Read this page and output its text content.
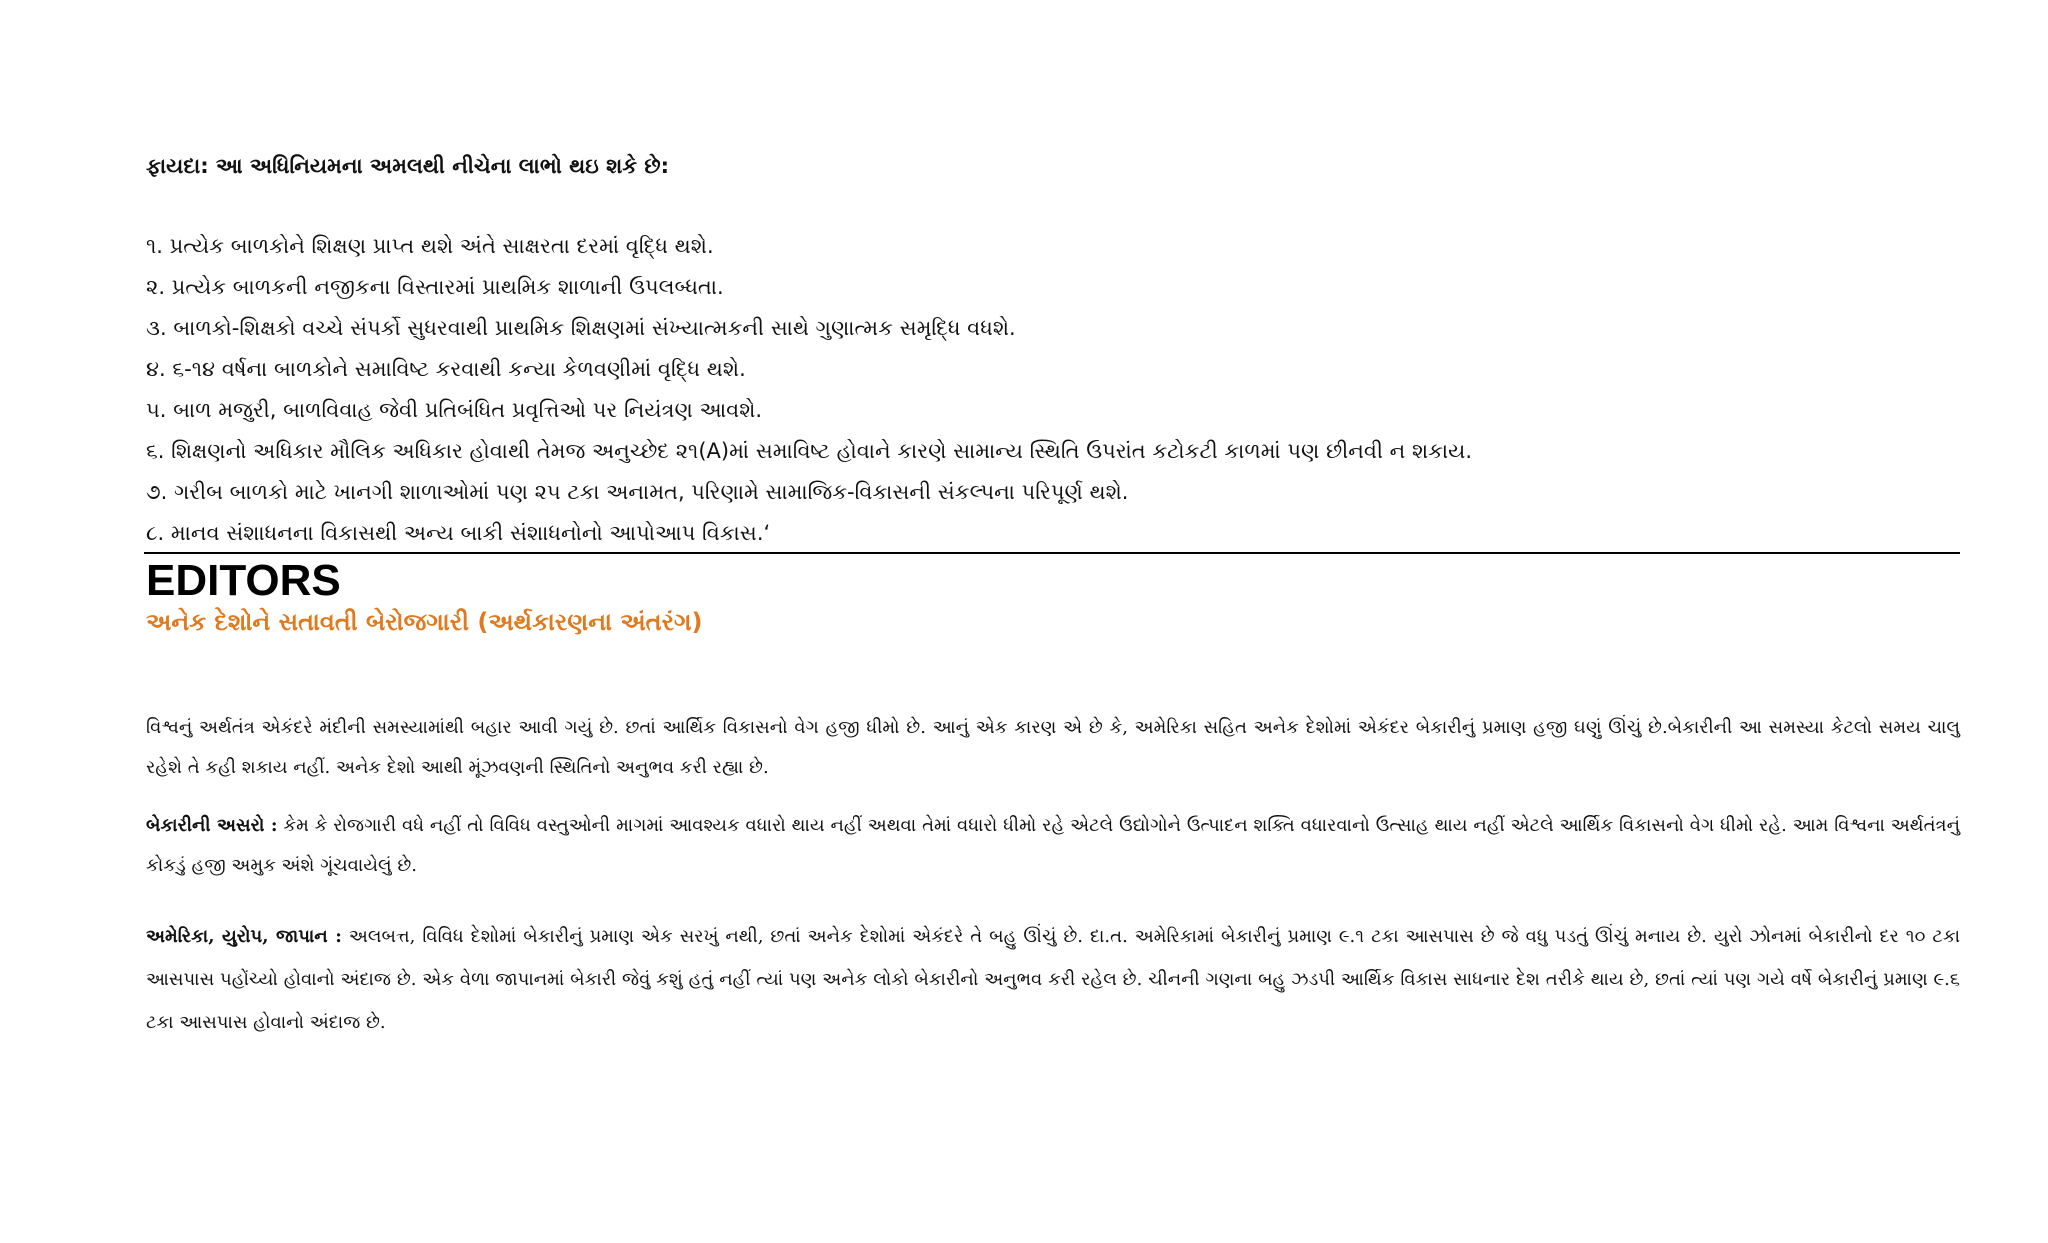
ફાયદા: આ અધિનિયમના અમલથી નીચેના લાભો થઇ શકે છે:
૧. પ્રત્યેક બાળકોને શિક્ષણ પ્રાપ્ત થશે અંતે સાક્ષરતા દરમાં વૃદ્ધિ થશે.
૨. પ્રત્યેક બાળકની નજીકના વિસ્તારમાં પ્રાથમિક શાળાની ઉપલબ્ધતા.
૩. બાળકો-શિક્ષકો વચ્ચે સંપર્કો સુધરવાથી પ્રાથમિક શિક્ષણમાં સંખ્યાત્મકની સાથે ગુણાત્મક સમૃદ્ધિ વધશે.
૪. ૬-૧૪ વર્ષના બાળકોને સમાવિષ્ટ કરવાથી કન્યા કેળવણીમાં વૃદ્ધિ થશે.
૫. બાળ મજુરી, બાળવિવાહ જેવી પ્રતિબંધિત પ્રવૃત્તિઓ પર નિયંત્રણ આવશે.
૬. શિક્ષણનો અધિકાર મૌલિક અધિકાર હોવાથી તેમજ અનુચ્છેદ ૨૧(A)માં સમાવિષ્ટ હોવાને કારણે સામાન્ય સ્થિતિ ઉપરાંત કટોકટી કાળમાં પણ છીનવી ન શકાય.
૭. ગરીબ બાળકો માટે ખાનગી શાળાઓમાં પણ ૨૫ ટકા અનામત, પરિણામે સામાજિક-વિકાસની સંકલ્પના પરિપૂર્ણ થશે.
૮. માનવ સંશાધનના વિકાસથી અન્ય બાકી સંશાધનોનો આપોઆપ વિકાસ.‘
EDITORS
અનેક દેશોને સતાવતી બેરોજગારી (અર્થકારણના અંતરંગ)

વિશ્વનું અર્થતંત્ર એકંદરે મંદીની સમસ્યામાંથી બહાર આવી ગયું છે. છતાં આર્થિક વિકાસનો વેગ હજી ધીમો છે. આનું એક કારણ એ છે કે, અમેરિકા સહિત અનેક દેશોમાં એકંદર બેકારીનું પ્રમાણ હજી ઘણું ઊંચું છે.બેકારીની આ સમસ્યા કેટલો સમય ચાલુ રહેશે તે કહી શકાય નહીં. અનેક દેશો આથી મૂંઝવણની સ્થિતિનો અનુભવ કરી રહ્યા છે.

બેકારીની અસરો : કેમ કે રોજગારી વધે નહીં તો વિવિધ વસ્તુઓની માગમાં આવશ્યક વધારો થાય નહીં અથવા તેમાં વધારો ધીમો રહે એટલે ઉદ્યોગોને ઉત્પાદન શક્તિ વધારવાનો ઉત્સાહ થાય નહીં એટલે આર્થિક વિકાસનો વેગ ધીમો રહે. આમ વિશ્વના અર્થતંત્રનું કોકડું હજી અમુક અંશે ગૂંચવાયેલું છે.

અમેરિકા, યુરોપ, જાપાન : અલબત્ત, વિવિધ દેશોમાં બેકારીનું પ્રમાણ એક સરખું નથી, છતાં અનેક દેશોમાં એકંદરે તે બહુ ઊંચું છે. દા.ત. અમેરિકામાં બેકારીનું પ્રમાણ ૯.૧ ટકા આસપાસ છે જે વધુ પડતું ઊંચું મનાય છે. યુરો ઝોનમાં બેકારીનો દર ૧૦ ટકા આસપાસ પહોંચ્યો હોવાનો અંદાજ છે. એક વેળા જાપાનમાં બેકારી જેવું કશું હતું નહીં ત્યાં પણ અનેક લોકો બેકારીનો અનુભવ કરી રહેલ છે. ચીનની ગણના બહુ ઝડપી આર્થિક વિકાસ સાધનાર દેશ તરીકે થાય છે, છતાં ત્યાં પણ ગયે વર્ષે બેકારીનું પ્રમાણ ૯.૬ ટકા આસપાસ હોવાનો અંદાજ છે.
